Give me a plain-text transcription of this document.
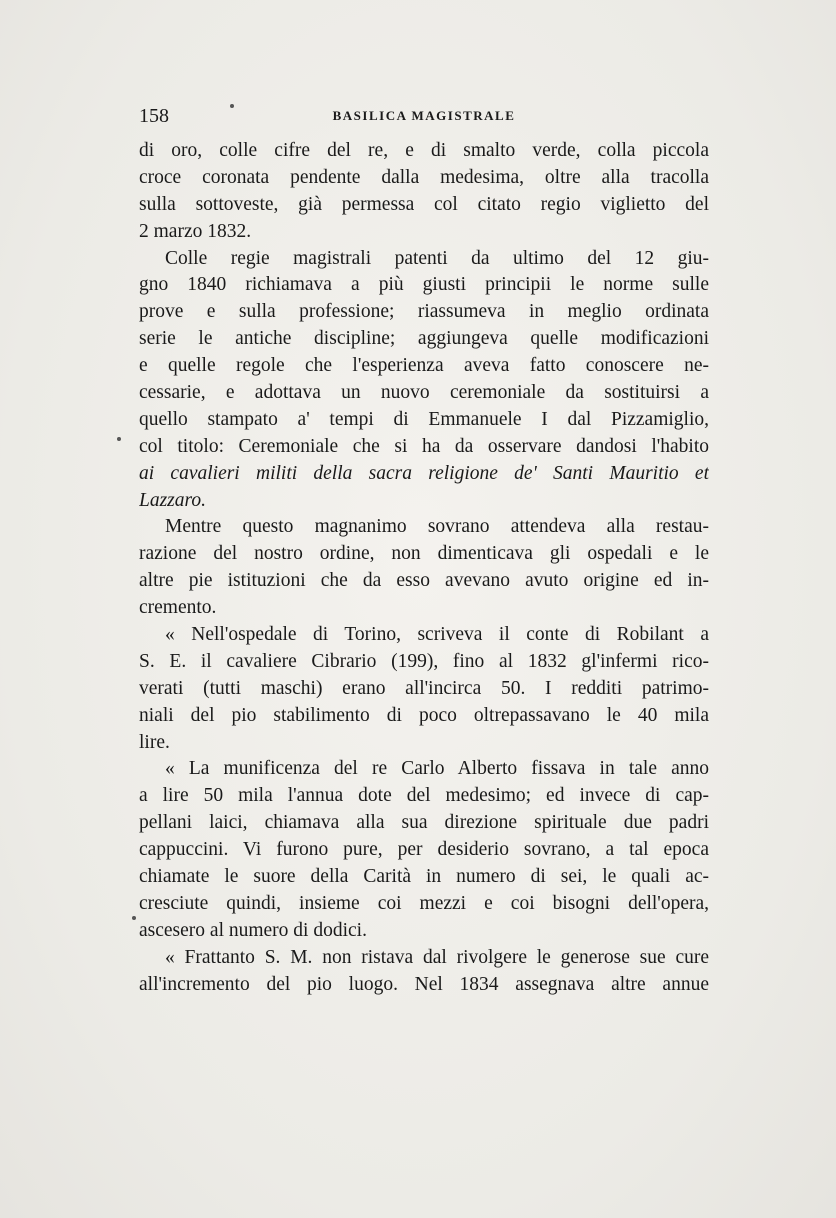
158	BASILICA MAGISTRALE
di oro, colle cifre del re, e di smalto verde, colla piccola
croce coronata pendente dalla medesima, oltre alla tracolla
sulla sottoveste, già permessa col citato regio viglietto del
2 marzo 1832.
Colle regie magistrali patenti da ultimo del 12 giu-
gno 1840 richiamava a più giusti principii le norme sulle
prove e sulla professione; riassumeva in meglio ordinata
serie le antiche discipline; aggiungeva quelle modificazioni
e quelle regole che l'esperienza aveva fatto conoscere ne-
cessarie, e adottava un nuovo ceremoniale da sostituirsi a
quello stampato a' tempi di Emmanuele I dal Pizzamiglio,
col titolo: Ceremoniale che si ha da osservare dandosi l'habito
ai cavalieri militi della sacra religione de' Santi Mauritio et
Lazzaro.
Mentre questo magnanimo sovrano attendeva alla restau-
razione del nostro ordine, non dimenticava gli ospedali e le
altre pie istituzioni che da esso avevano avuto origine ed in-
cremento.
« Nell'ospedale di Torino, scriveva il conte di Robilant a
S. E. il cavaliere Cibrario (199), fino al 1832 gl'infermi rico-
verati (tutti maschi) erano all'incirca 50. I redditi patrimo-
niali del pio stabilimento di poco oltrepassavano le 40 mila
lire.
« La munificenza del re Carlo Alberto fissava in tale anno
a lire 50 mila l'annua dote del medesimo; ed invece di cap-
pellani laici, chiamava alla sua direzione spirituale due padri
cappuccini. Vi furono pure, per desiderio sovrano, a tal epoca
chiamate le suore della Carità in numero di sei, le quali ac-
cresciute quindi, insieme coi mezzi e coi bisogni dell'opera,
ascesero al numero di dodici.
« Frattanto S. M. non ristava dal rivolgere le generose sue cure
all'incremento del pio luogo. Nel 1834 assegnava altre annue
